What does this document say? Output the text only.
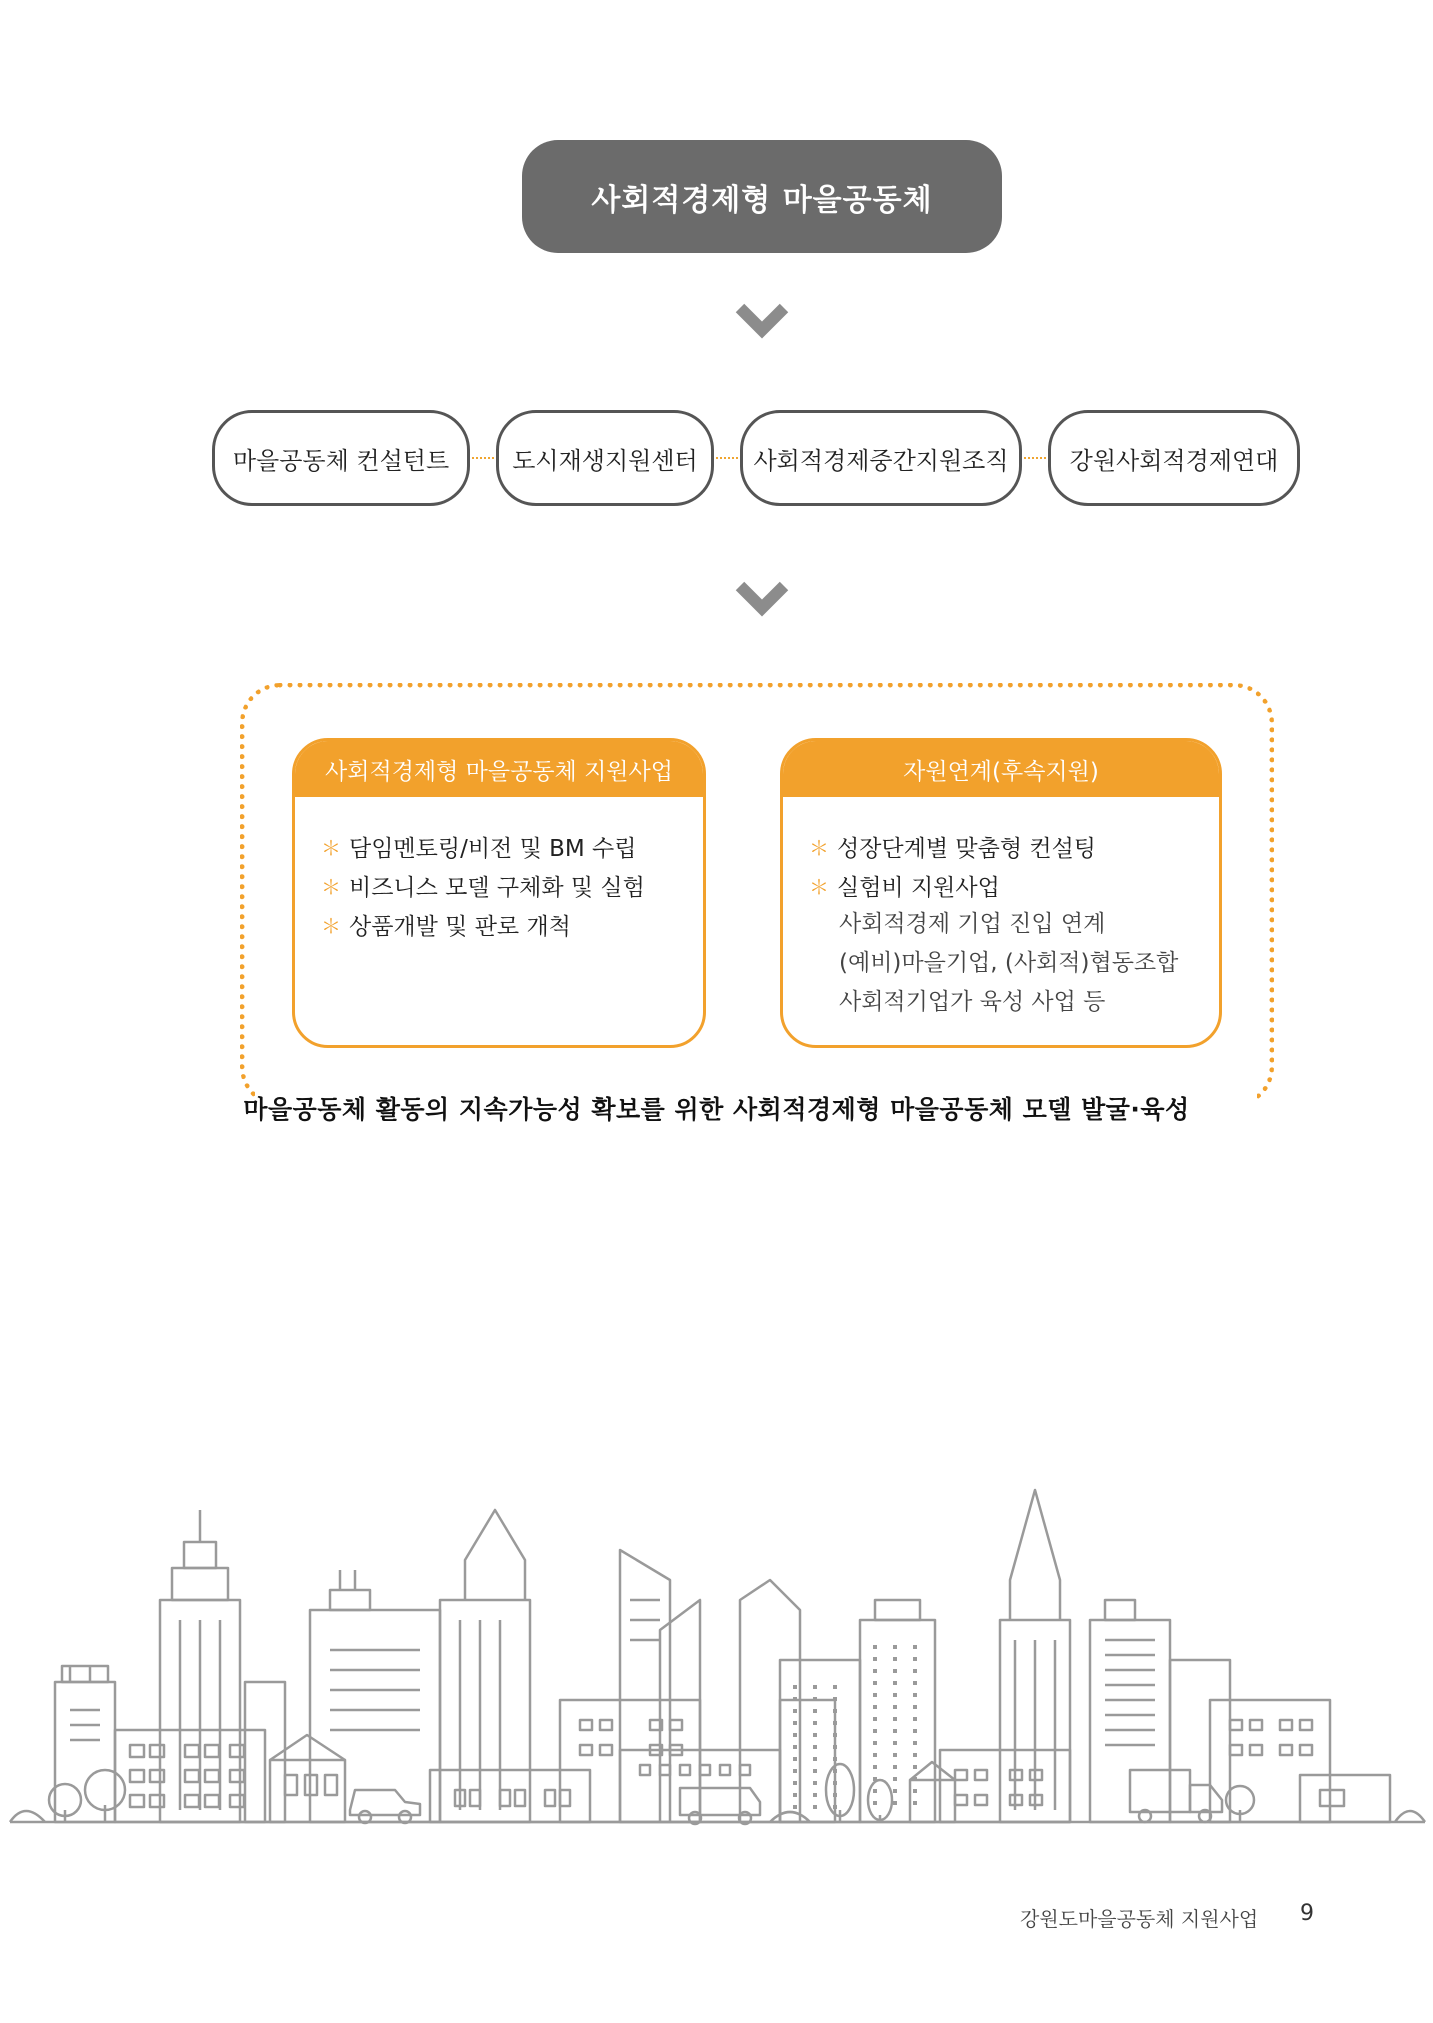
사회적경제형 마을공동체
마을공동체 컨설턴트	도시재생지원센터 사회적경제중간지원조직	강원사회적경제연대
마을공동체 활동의 지속가능성 확보를 위한 사회적경제형 마을공동체 모델 발굴·육성
사회적경제형 마을공동체 지원사업
＊ 담임멘토링/비전 및 BM 수립
＊ 비즈니스 모델 구체화 및 실험
＊ 상품개발 및 판로 개척
자원연계(후속지원)
＊ 성장단계별 맞춤형 컨설팅
＊ 실험비 지원사업
사회적경제 기업 진입 연계
(예비)마을기업, (사회적)협동조합
사회적기업가 육성 사업 등
강원도마을공동체 지원사업 9
